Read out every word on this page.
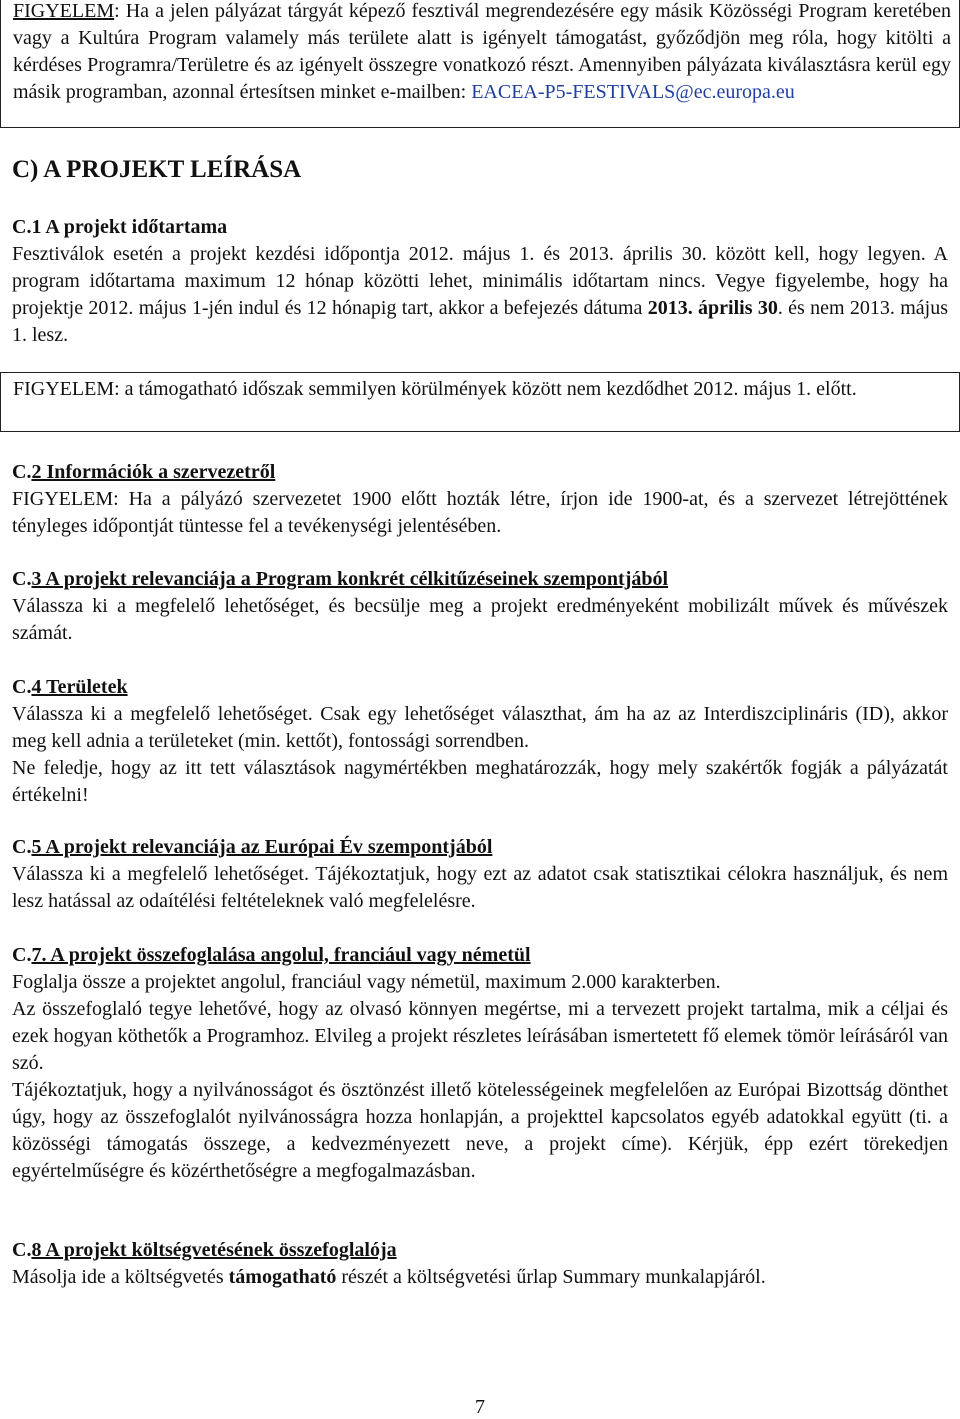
FIGYELEM: Ha a jelen pályázat tárgyát képező fesztivál megrendezésére egy másik Közösségi Program keretében vagy a Kultúra Program valamely más területe alatt is igényelt támogatást, győződjön meg róla, hogy kitölti a kérdéses Programra/Területre és az igényelt összegre vonatkozó részt. Amennyiben pályázata kiválasztásra kerül egy másik programban, azonnal értesítsen minket e-mailben: EACEA-P5-FESTIVALS@ec.europa.eu

C) A PROJEKT LEÍRÁSA

C.1 A projekt időtartama

Fesztiválok esetén a projekt kezdési időpontja 2012. május 1. és 2013. április 30. között kell, hogy legyen. A program időtartama maximum 12 hónap közötti lehet, minimális időtartam nincs. Vegye figyelembe, hogy ha projektje 2012. május 1-jén indul és 12 hónapig tart, akkor a befejezés dátuma 2013. április 30. és nem 2013. május 1. lesz.

FIGYELEM: a támogatható időszak semmilyen körülmények között nem kezdődhet 2012. május 1. előtt.

C.2 Információk a szervezetről

FIGYELEM: Ha a pályázó szervezetet 1900 előtt hozták létre, írjon ide 1900-at, és a szervezet létrejöttének tényleges időpontját tüntesse fel a tevékenységi jelentésében.

C.3 A projekt relevanciája a Program konkrét célkitűzéseinek szempontjából

Válassza ki a megfelelő lehetőséget, és becsülje meg a projekt eredményeként mobilizált művek és művészek számát.

C.4 Területek

Válassza ki a megfelelő lehetőséget. Csak egy lehetőséget választhat, ám ha az az Interdiszciplináris (ID), akkor meg kell adnia a területeket (min. kettőt), fontossági sorrendben.

Ne feledje, hogy az itt tett választások nagymértékben meghatározzák, hogy mely szakértők fogják a pályázatát értékelni!

C.5 A projekt relevanciája az Európai Év szempontjából

Válassza ki a megfelelő lehetőséget. Tájékoztatjuk, hogy ezt az adatot csak statisztikai célokra használjuk, és nem lesz hatással az odaítélési feltételeknek való megfelelésre.

C.7. A projekt összefoglalása angolul, franciául vagy németül

Foglalja össze a projektet angolul, franciául vagy németül, maximum 2.000 karakterben.

Az összefoglaló tegye lehetővé, hogy az olvasó könnyen megértse, mi a tervezett projekt tartalma, mik a céljai és ezek hogyan köthetők a Programhoz. Elvileg a projekt részletes leírásában ismertetett fő elemek tömör leírásáról van szó.

Tájékoztatjuk, hogy a nyilvánosságot és ösztönzést illető kötelességeinek megfelelően az Európai Bizottság dönthet úgy, hogy az összefoglalót nyilvánosságra hozza honlapján, a projekttel kapcsolatos egyéb adatokkal együtt (ti. a közösségi támogatás összege, a kedvezményezett neve, a projekt címe). Kérjük, épp ezért törekedjen egyértelműségre és közérthetőségre a megfogalmazásban.

C.8 A projekt költségvetésének összefoglalója

Másolja ide a költségvetés támogatható részét a költségvetési űrlap Summary munkalapjáról.

7
